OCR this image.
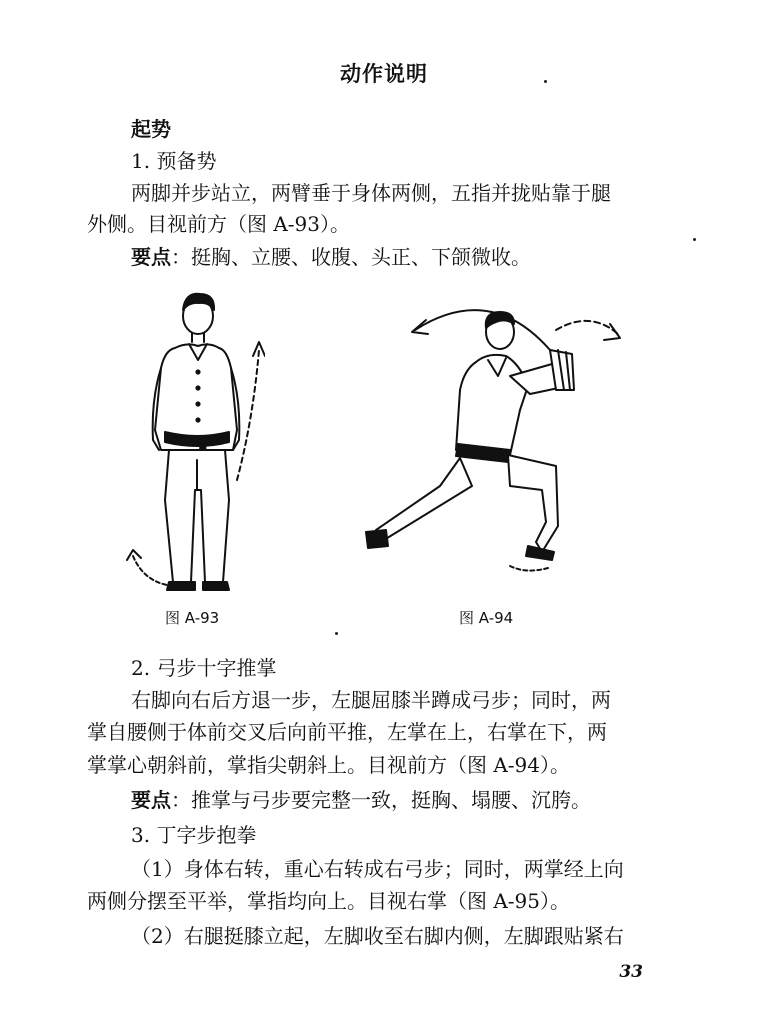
动作说明
起势
1. 预备势
两脚并步站立，两臂垂于身体两侧，五指并拢贴靠于腿
外侧。目视前方（图 A-93）。
要点：挺胸、立腰、收腹、头正、下颌微收。
图 A-93	图 A-94
2. 弓步十字推掌
右脚向右后方退一步，左腿屈膝半蹲成弓步；同时，两
掌自腰侧于体前交叉后向前平推，左掌在上，右掌在下，两
掌掌心朝斜前，掌指尖朝斜上。目视前方（图 A-94）。
要点：推掌与弓步要完整一致，挺胸、塌腰、沉胯。
3. 丁字步抱拳
（1）身体右转，重心右转成右弓步；同时，两掌经上向
两侧分摆至平举，掌指均向上。目视右掌（图 A-95）。
（2）右腿挺膝立起，左脚收至右脚内侧，左脚跟贴紧右
33
